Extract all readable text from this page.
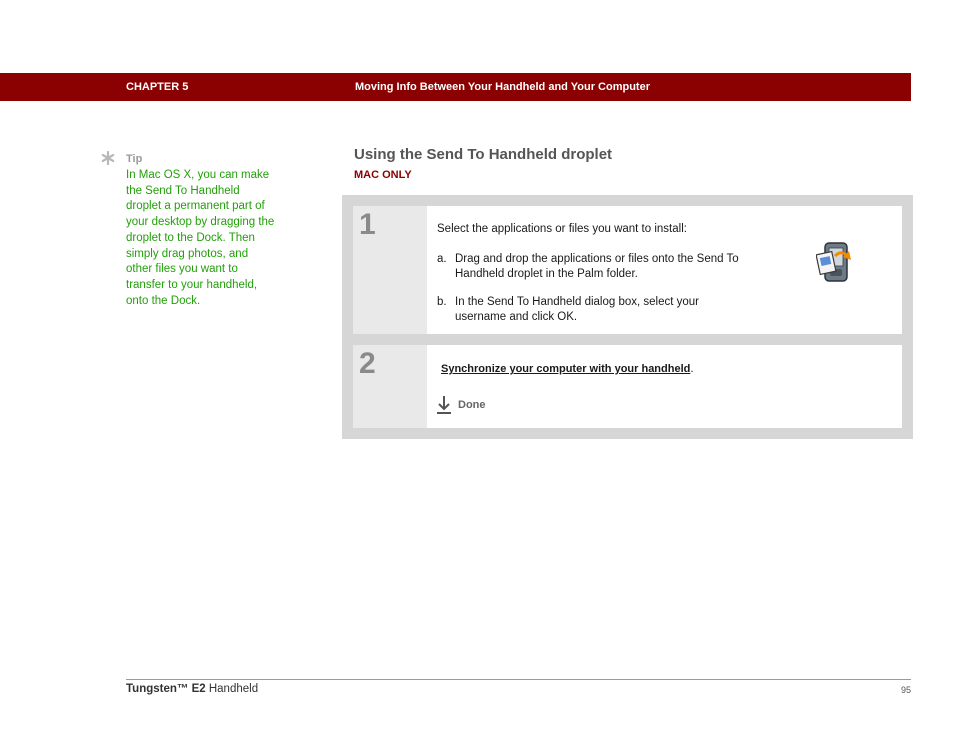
CHAPTER 5	Moving Info Between Your Handheld and Your Computer
Tip
In Mac OS X, you can make the Send To Handheld droplet a permanent part of your desktop by dragging the droplet to the Dock. Then simply drag photos, and other files you want to transfer to your handheld, onto the Dock.
Using the Send To Handheld droplet
MAC ONLY
1	Select the applications or files you want to install:

a. Drag and drop the applications or files onto the Send To Handheld droplet in the Palm folder.

b. In the Send To Handheld dialog box, select your username and click OK.

2	Synchronize your computer with your handheld.

Done
Tungsten™ E2 Handheld	95
